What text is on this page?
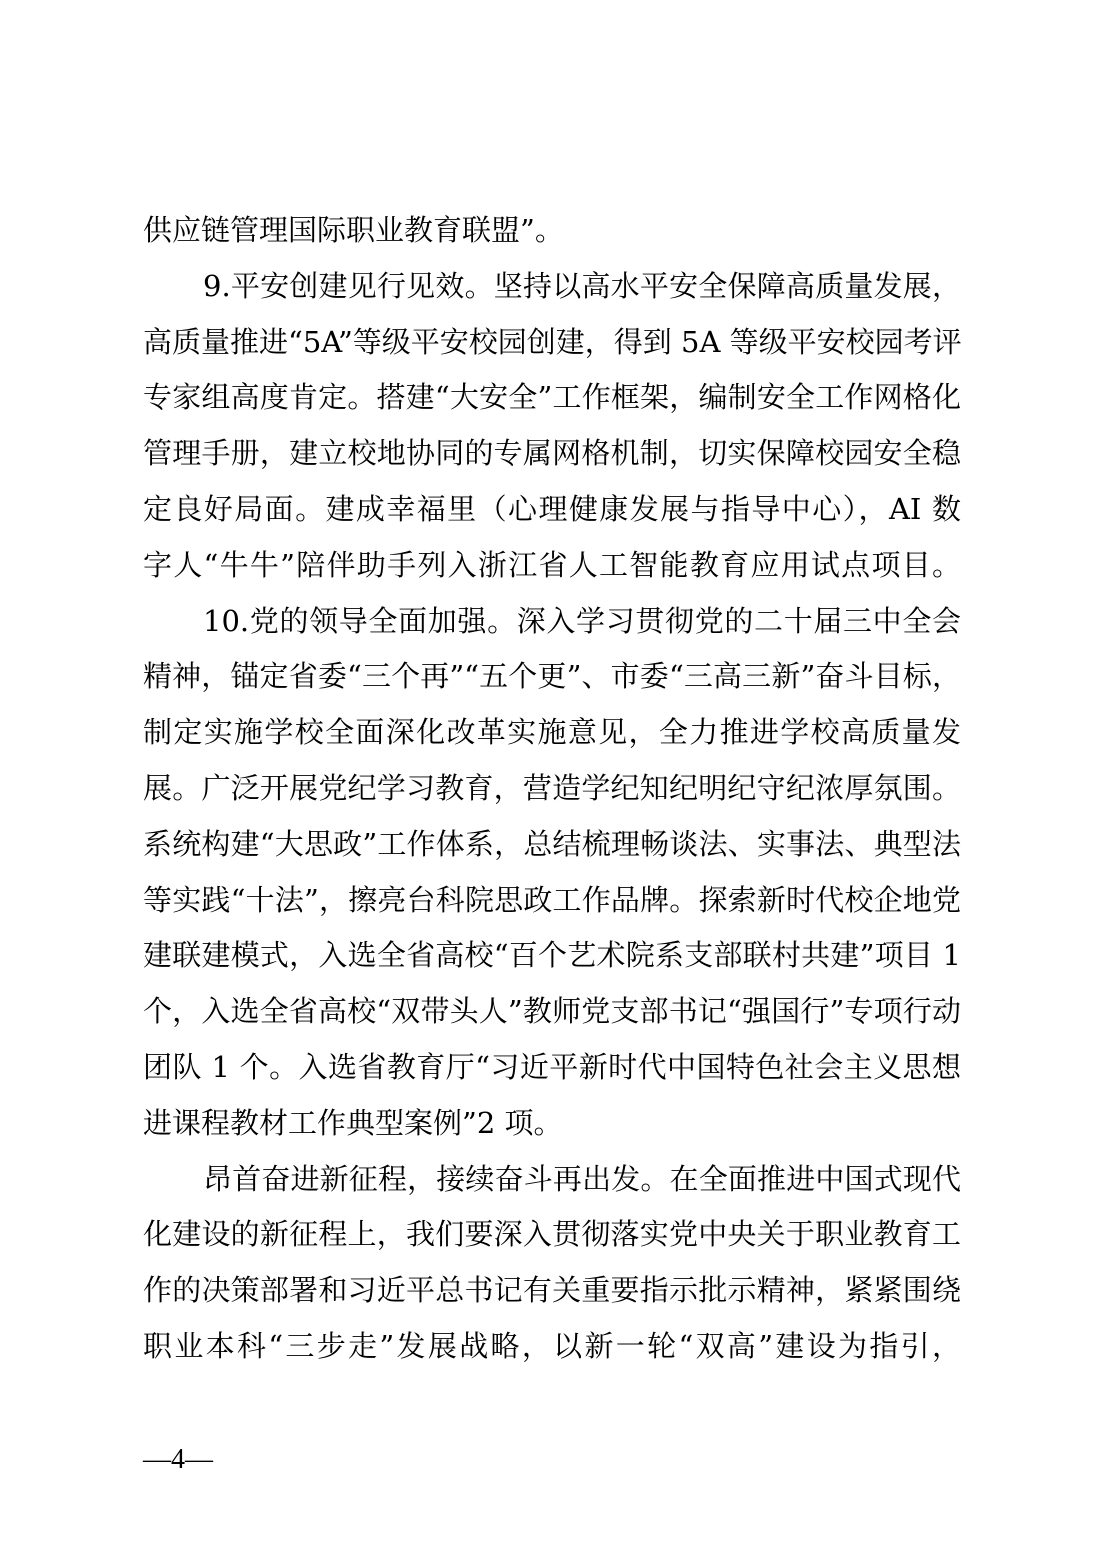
供应链管理国际职业教育联盟”。
9.平安创建见行见效。坚持以高水平安全保障高质量发展，
高质量推进“5A”等级平安校园创建，得到 5A 等级平安校园考评
专家组高度肯定。搭建“大安全”工作框架，编制安全工作网格化
管理手册，建立校地协同的专属网格机制，切实保障校园安全稳
定良好局面。建成幸福里（心理健康发展与指导中心），AI 数
字人“牛牛”陪伴助手列入浙江省人工智能教育应用试点项目。
10.党的领导全面加强。深入学习贯彻党的二十届三中全会
精神，锚定省委“三个再”“五个更”、市委“三高三新”奋斗目标，
制定实施学校全面深化改革实施意见，全力推进学校高质量发
展。广泛开展党纪学习教育，营造学纪知纪明纪守纪浓厚氛围。
系统构建“大思政”工作体系，总结梳理畅谈法、实事法、典型法
等实践“十法”，擦亮台科院思政工作品牌。探索新时代校企地党
建联建模式，入选全省高校“百个艺术院系支部联村共建”项目 1
个，入选全省高校“双带头人”教师党支部书记“强国行”专项行动
团队 1 个。入选省教育厅“习近平新时代中国特色社会主义思想
进课程教材工作典型案例”2 项。
昂首奋进新征程，接续奋斗再出发。在全面推进中国式现代
化建设的新征程上，我们要深入贯彻落实党中央关于职业教育工
作的决策部署和习近平总书记有关重要指示批示精神，紧紧围绕
职业本科“三步走”发展战略，以新一轮“双高”建设为指引，
—4—
